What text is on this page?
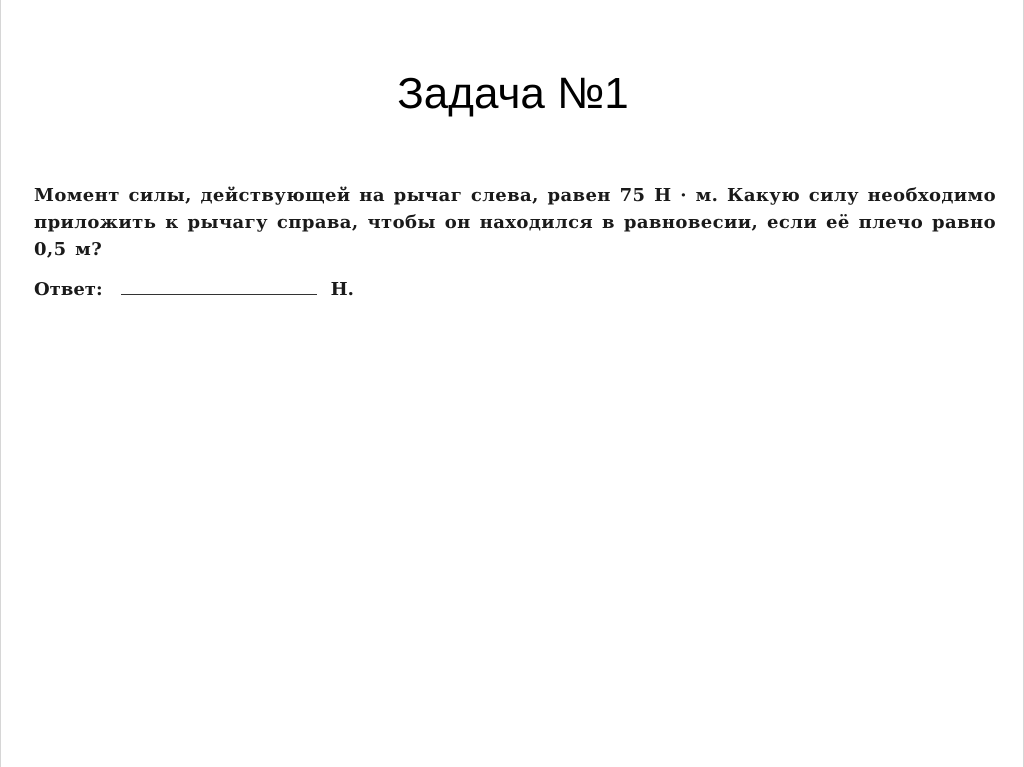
Задача №1

Момент силы, действующей на рычаг слева, равен 75 Н · м. Какую силу необходимо приложить к рычагу справа, чтобы он находился в равновесии, если её плечо равно 0,5 м?

Ответ:	Н.
